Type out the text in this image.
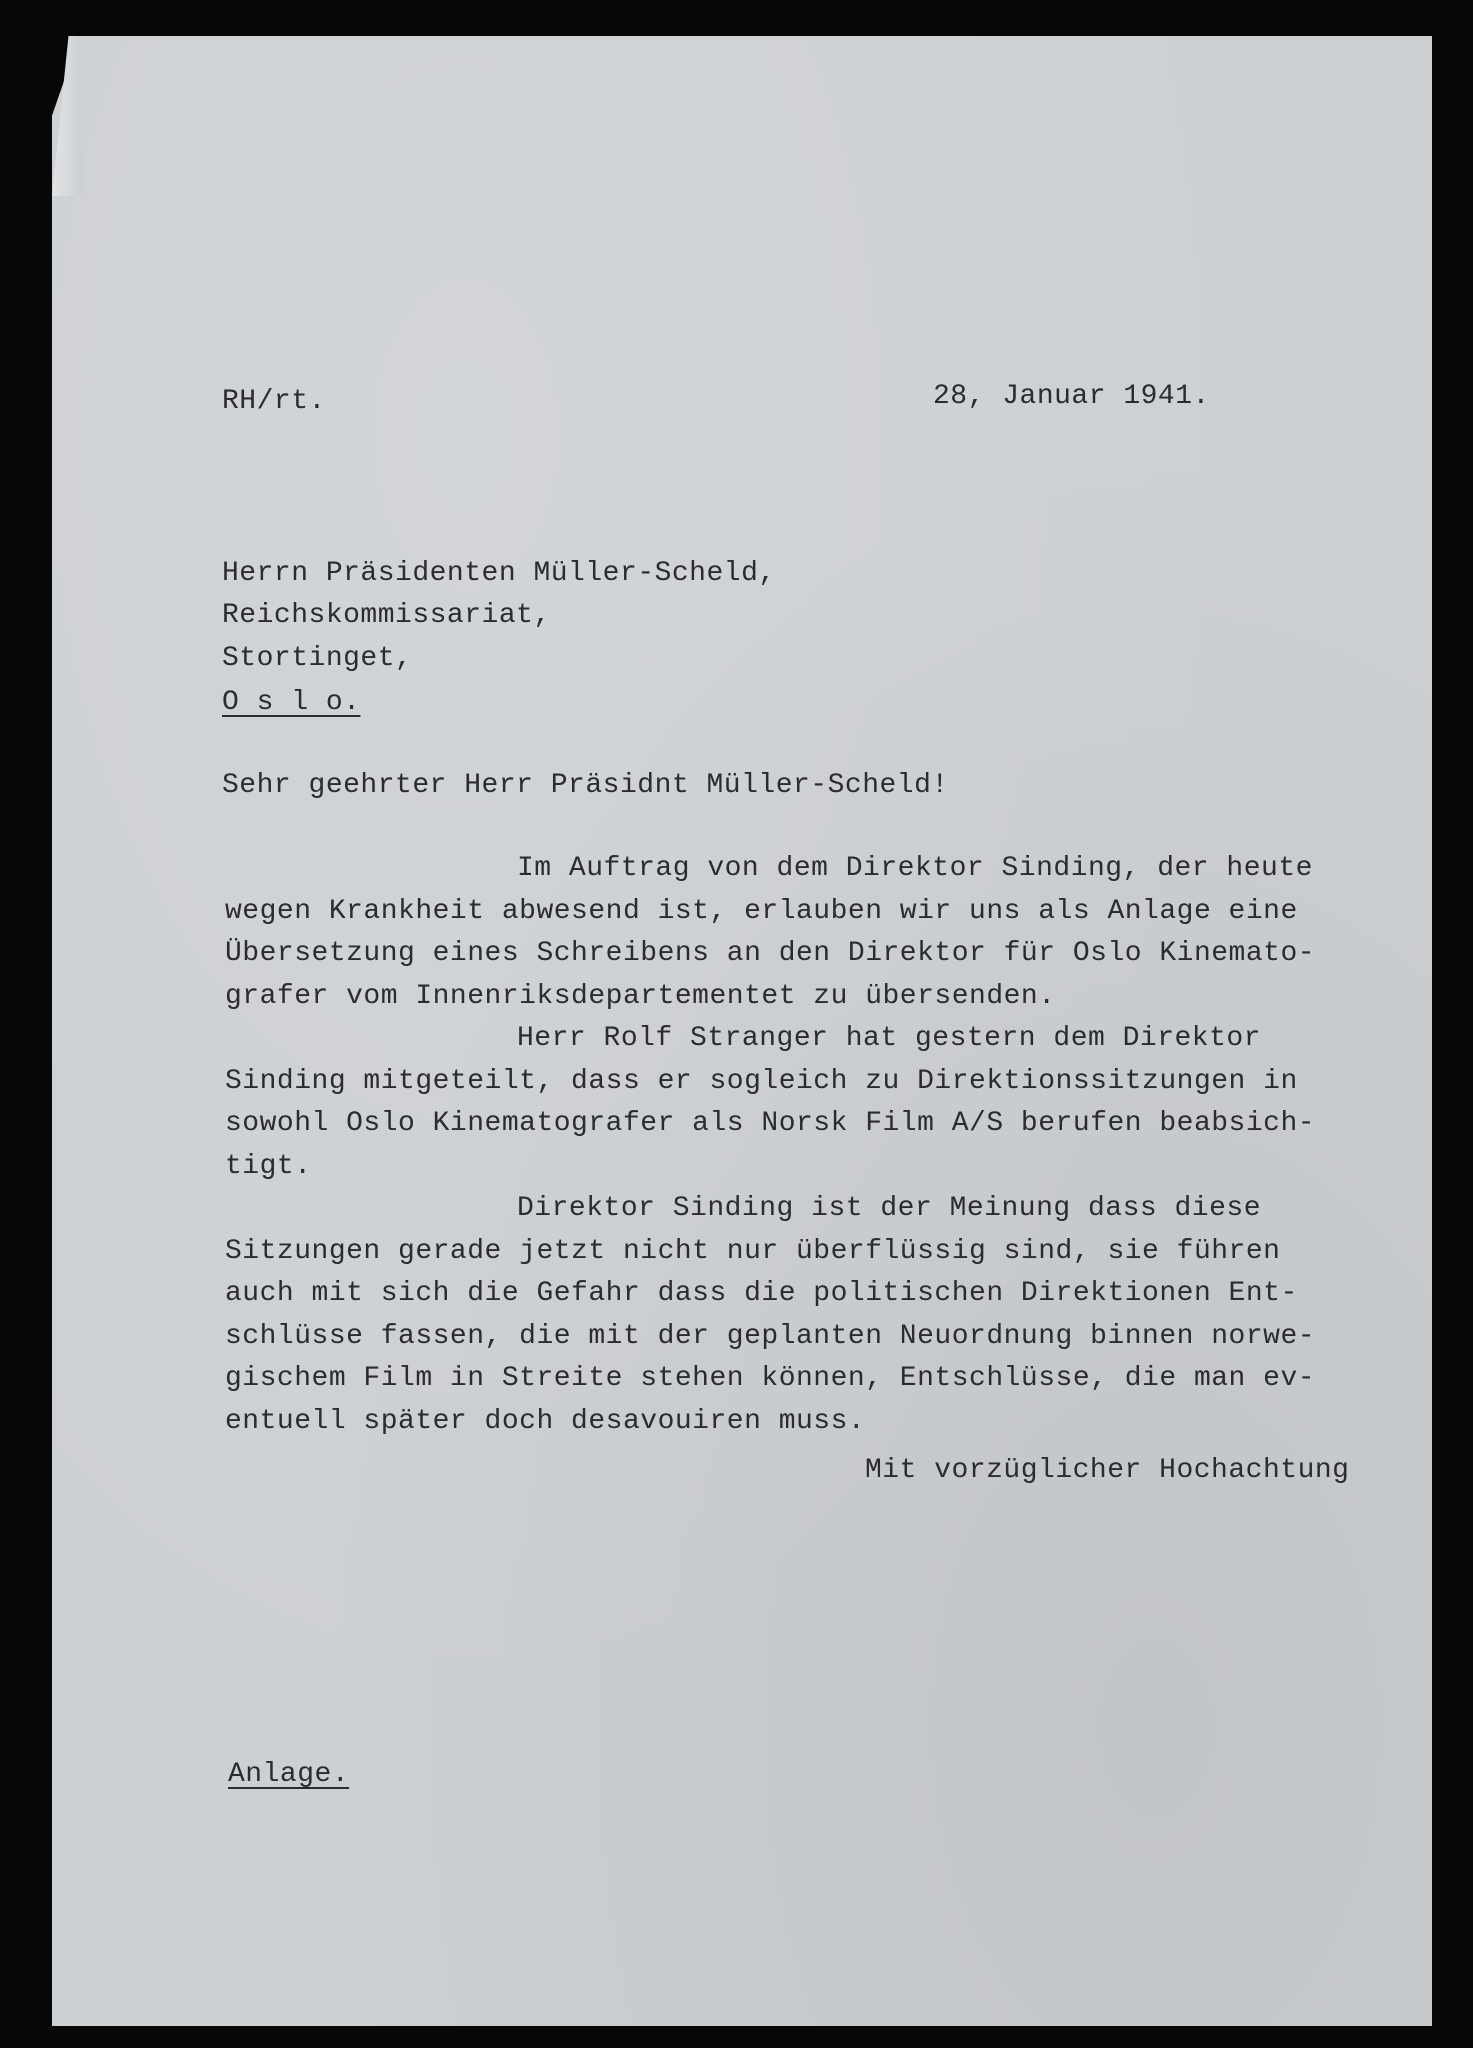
RH/rt.	28, Januar 1941.
Herrn Präsidenten Müller-Scheld,
Reichskommissariat,
Stortinget,
O s l o.
Sehr geehrter Herr Präsidnt Müller-Scheld!
Im Auftrag von dem Direktor Sinding, der heute
wegen Krankheit abwesend ist, erlauben wir uns als Anlage eine
Übersetzung eines Schreibens an den Direktor für Oslo Kinemato-
grafer vom Innenriksdepartementet zu übersenden.
Herr Rolf Stranger hat gestern dem Direktor
Sinding mitgeteilt, dass er sogleich zu Direktionssitzungen in
sowohl Oslo Kinematografer als Norsk Film A/S berufen beabsich-
tigt.
Direktor Sinding ist der Meinung dass diese
Sitzungen gerade jetzt nicht nur überflüssig sind, sie führen
auch mit sich die Gefahr dass die politischen Direktionen Ent-
schlüsse fassen, die mit der geplanten Neuordnung binnen norwe-
gischem Film in Streite stehen können, Entschlüsse, die man ev-
entuell später doch desavouiren muss.
Mit vorzüglicher Hochachtung
Anlage.
